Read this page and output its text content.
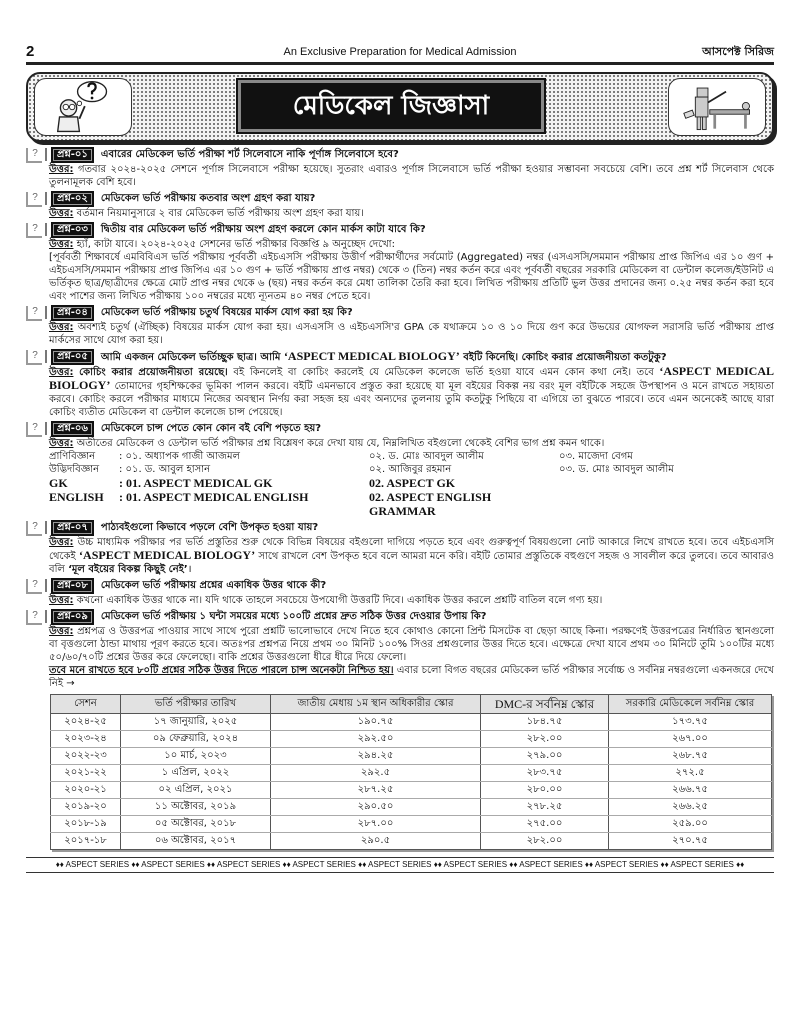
2	An Exclusive Preparation for Medical Admission	আসপেক্ট সিরিজ
মেডিকেল জিজ্ঞাসা
?	প্রশ্ন-০১	এবারের মেডিকেল ভর্তি পরীক্ষা শর্ট সিলেবাসে নাকি পূর্ণাঙ্গ সিলেবাসে হবে?
উত্তর: গতবার ২০২৪-২০২৫ সেশনে পূর্ণাঙ্গ সিলেবাসে পরীক্ষা হয়েছে। সুতরাং এবারও পূর্ণাঙ্গ সিলেবাসে ভর্তি পরীক্ষা হওয়ার সম্ভাবনা সবচেয়ে বেশি। তবে প্রশ্ন শর্ট সিলেবাস থেকে তুলনামূলক বেশি হবে।
?	প্রশ্ন-০২	মেডিকেল ভর্তি পরীক্ষায় কতবার অংশ গ্রহণ করা যায়?
উত্তর: বর্তমান নিয়মানুসারে ২ বার মেডিকেল ভর্তি পরীক্ষায় অংশ গ্রহণ করা যায়।
?	প্রশ্ন-০৩	দ্বিতীয় বার মেডিকেল ভর্তি পরীক্ষায় অংশ গ্রহণ করলে কোন মার্কস কাটা যাবে কি?
উত্তর: হ্যাঁ, কাটা যাবে। ২০২৪-২০২৫ সেশনের ভর্তি পরীক্ষার বিজ্ঞপ্তি ৯ অনুচ্ছেদ দেখো:
[পূর্ববর্তী শিক্ষাবর্ষে এমবিবিএস ভর্তি পরীক্ষায় পূর্ববর্তী এইচএসসি পরীক্ষায় উত্তীর্ণ পরীক্ষার্থীদের সর্বমোট (Aggregated) নম্বর (এসএসসি/সমমান পরীক্ষায় প্রাপ্ত জিপিএ এর ১০ গুণ + এইচএসসি/সমমান পরীক্ষায় প্রাপ্ত জিপিএ এর ১০ গুণ + ভর্তি পরীক্ষায় প্রাপ্ত নম্বর) থেকে ৩ (তিন) নম্বর কর্তন করে এবং পূর্ববর্তী বছরের সরকারি মেডিকেল বা ডেন্টাল কলেজ/ইউনিট এ ভর্তিকৃত ছাত্র/ছাত্রীদের ক্ষেত্রে মোট প্রাপ্ত নম্বর থেকে ৬ (ছয়) নম্বর কর্তন করে মেধা তালিকা তৈরি করা হবে। লিখিত পরীক্ষায় প্রতিটি ভুল উত্তর প্রদানের জন্য ০.২৫ নম্বর কর্তন করা হবে এবং পাশের জন্য লিখিত পরীক্ষায় ১০০ নম্বরের মধ্যে ন্যূনতম ৪০ নম্বর পেতে হবে।
?	প্রশ্ন-০৪	মেডিকেল ভর্তি পরীক্ষায় চতুর্থ বিষয়ের মার্কস যোগ করা হয় কি?
উত্তর: অবশ্যই চতুর্থ (ঐচ্ছিক) বিষয়ের মার্কস যোগ করা হয়। এসএসসি ও এইচএসসি'র GPA কে যথাক্রমে ১০ ও ১০ দিয়ে গুণ করে উভয়ের যোগফল সরাসরি ভর্তি পরীক্ষায় প্রাপ্ত মার্কসের সাথে যোগ করা হয়।
?	প্রশ্ন-০৫	আমি একজন মেডিকেল ভর্তিচ্ছুক ছাত্র। আমি ‘ASPECT MEDICAL BIOLOGY’ বইটি কিনেছি। কোচিং করার প্রয়োজনীয়তা কতটুকু?
উত্তর: কোচিং করার প্রয়োজনীয়তা রয়েছে। বই কিনলেই বা কোচিং করলেই যে মেডিকেল কলেজে ভর্তি হওয়া যাবে এমন কোন কথা নেই। তবে ‘ASPECT MEDICAL BIOLOGY’ তোমাদের গৃহশিক্ষকের ভূমিকা পালন করবে। বইটি এমনভাবে প্রস্তুত করা হয়েছে যা মূল বইয়ের বিকল্প নয় বরং মূল বইটিকে সহজে উপস্থাপন ও মনে রাখতে সহায়তা করবে। কোচিং করলে পরীক্ষার মাধ্যমে নিজের অবস্থান নির্ণয় করা সহজ হয় এবং অন্যদের তুলনায় তুমি কতটুকু পিছিয়ে বা এগিয়ে তা বুঝতে পারবে। তবে এমন অনেকেই আছে যারা কোচিং ব্যতীত মেডিকেল বা ডেন্টাল কলেজে চান্স পেয়েছে।
?	প্রশ্ন-০৬	মেডিকেলে চান্স পেতে কোন কোন বই বেশি পড়তে হয়?
উত্তর: অতীতের মেডিকেল ও ডেন্টাল ভর্তি পরীক্ষার প্রশ্ন বিশ্লেষণ করে দেখা যায় যে, নিম্নলিখিত বইগুলো থেকেই বেশির ভাগ প্রশ্ন কমন থাকে।
প্রাণিবিজ্ঞান	: ০১. অধ্যাপক গাজী আজমল	০২. ড. মোঃ আবদুল আলীম	০৩. মাজেদা বেগম
উদ্ভিদবিজ্ঞান	: ০১. ড. আবুল হাসান	০২. আজিবুর রহমান	০৩. ড. মোঃ আবদুল আলীম
GK	: 01. ASPECT MEDICAL GK	02. ASPECT GK
ENGLISH	: 01. ASPECT MEDICAL ENGLISH	02. ASPECT ENGLISH GRAMMAR
?	প্রশ্ন-০৭	পাঠ্যবইগুলো কিভাবে পড়লে বেশি উপকৃত হওয়া যায়?
উত্তর: উচ্চ মাধ্যমিক পরীক্ষার পর ভর্তি প্রস্তুতির শুরু থেকে বিভিন্ন বিষয়ের বইগুলো দাগিয়ে পড়তে হবে এবং গুরুত্বপূর্ণ বিষয়গুলো নোট আকারে লিখে রাখতে হবে। তবে এইচএসসি থেকেই ‘ASPECT MEDICAL BIOLOGY’ সাথে রাখলে বেশ উপকৃত হবে বলে আমরা মনে করি। বইটি তোমার প্রস্তুতিকে বহুগুণে সহজ ও সাবলীল করে তুলবে। তবে আবারও বলি ‘মূল বইয়ের বিকল্প কিছুই নেই’।
?	প্রশ্ন-০৮	মেডিকেল ভর্তি পরীক্ষায় প্রশ্নের একাধিক উত্তর থাকে কী?
উত্তর: কখনো একাধিক উত্তর থাকে না। যদি থাকে তাহলে সবচেয়ে উপযোগী উত্তরটি দিবে। একাধিক উত্তর করলে প্রশ্নটি বাতিল বলে গণ্য হয়।
?	প্রশ্ন-০৯	মেডিকেল ভর্তি পরীক্ষায় ১ ঘন্টা সময়ের মধ্যে ১০০টি প্রশ্নের দ্রুত সঠিক উত্তর দেওয়ার উপায় কি?
উত্তর: প্রশ্নপত্র ও উত্তরপত্র পাওয়ার সাথে সাথে পুরো প্রশ্নটি ভালোভাবে দেখে নিতে হবে কোথাও কোনো প্রিন্ট মিসটেক বা ছেড়া আছে কিনা। পরক্ষণেই উত্তরপত্রের নির্ধারিত স্থানগুলো বা বৃত্তগুলো ঠান্ডা মাথায় পূরণ করতে হবে। অতঃপর প্রশ্নপত্র নিয়ে প্রথম ৩০ মিনিট ১০০% সিওর প্রশ্নগুলোর উত্তর দিতে হবে। এক্ষেত্রে দেখা যাবে প্রথম ৩০ মিনিটে তুমি ১০০টির মধ্যে ৫০/৬০/৭০টি প্রশ্নের উত্তর করে ফেলেছো। বাকি প্রশ্নের উত্তরগুলো ধীরে ধীরে দিয়ে ফেলো।
তবে মনে রাখতে হবে ৮০টি প্রশ্নের সঠিক উত্তর দিতে পারলে চান্স অনেকটা নিশ্চিত হয়। এবার চলো বিগত বছরের মেডিকেল ভর্তি পরীক্ষার সর্বোচ্চ ও সর্বনিম্ন নম্বরগুলো একনজরে দেখে নিই →
সেশন	ভর্তি পরীক্ষার তারিখ	জাতীয় মেধায় ১ম স্থান অধিকারীর স্কোর	DMC-র সর্বনিম্ন স্কোর	সরকারি মেডিকেলে সর্বনিম্ন স্কোর
২০২৪-২৫	১৭ জানুয়ারি, ২০২৫	১৯০.৭৫	১৮৪.৭৫	১৭৩.৭৫
২০২৩-২৪	০৯ ফেব্রুয়ারি, ২০২৪	২৯২.৫০	২৮২.০০	২৬৭.০০
২০২২-২৩	১০ মার্চ, ২০২৩	২৯৪.২৫	২৭৯.০০	২৬৮.৭৫
২০২১-২২	১ এপ্রিল, ২০২২	২৯২.৫	২৮৩.৭৫	২৭২.৫
২০২০-২১	০২ এপ্রিল, ২০২১	২৮৭.২৫	২৮০.০০	২৬৬.৭৫
২০১৯-২০	১১ অক্টোবর, ২০১৯	২৯০.৫০	২৭৮.২৫	২৬৬.২৫
২০১৮-১৯	০৫ অক্টোবর, ২০১৮	২৮৭.০০	২৭৫.০০	২৫৯.০০
২০১৭-১৮	০৬ অক্টোবর, ২০১৭	২৯০.৫	২৮২.০০	২৭০.৭৫
♦♦ ASPECT SERIES ♦♦ ASPECT SERIES ♦♦ ASPECT SERIES ♦♦ ASPECT SERIES ♦♦ ASPECT SERIES ♦♦ ASPECT SERIES ♦♦ ASPECT SERIES ♦♦ ASPECT SERIES ♦♦ ASPECT SERIES ♦♦
